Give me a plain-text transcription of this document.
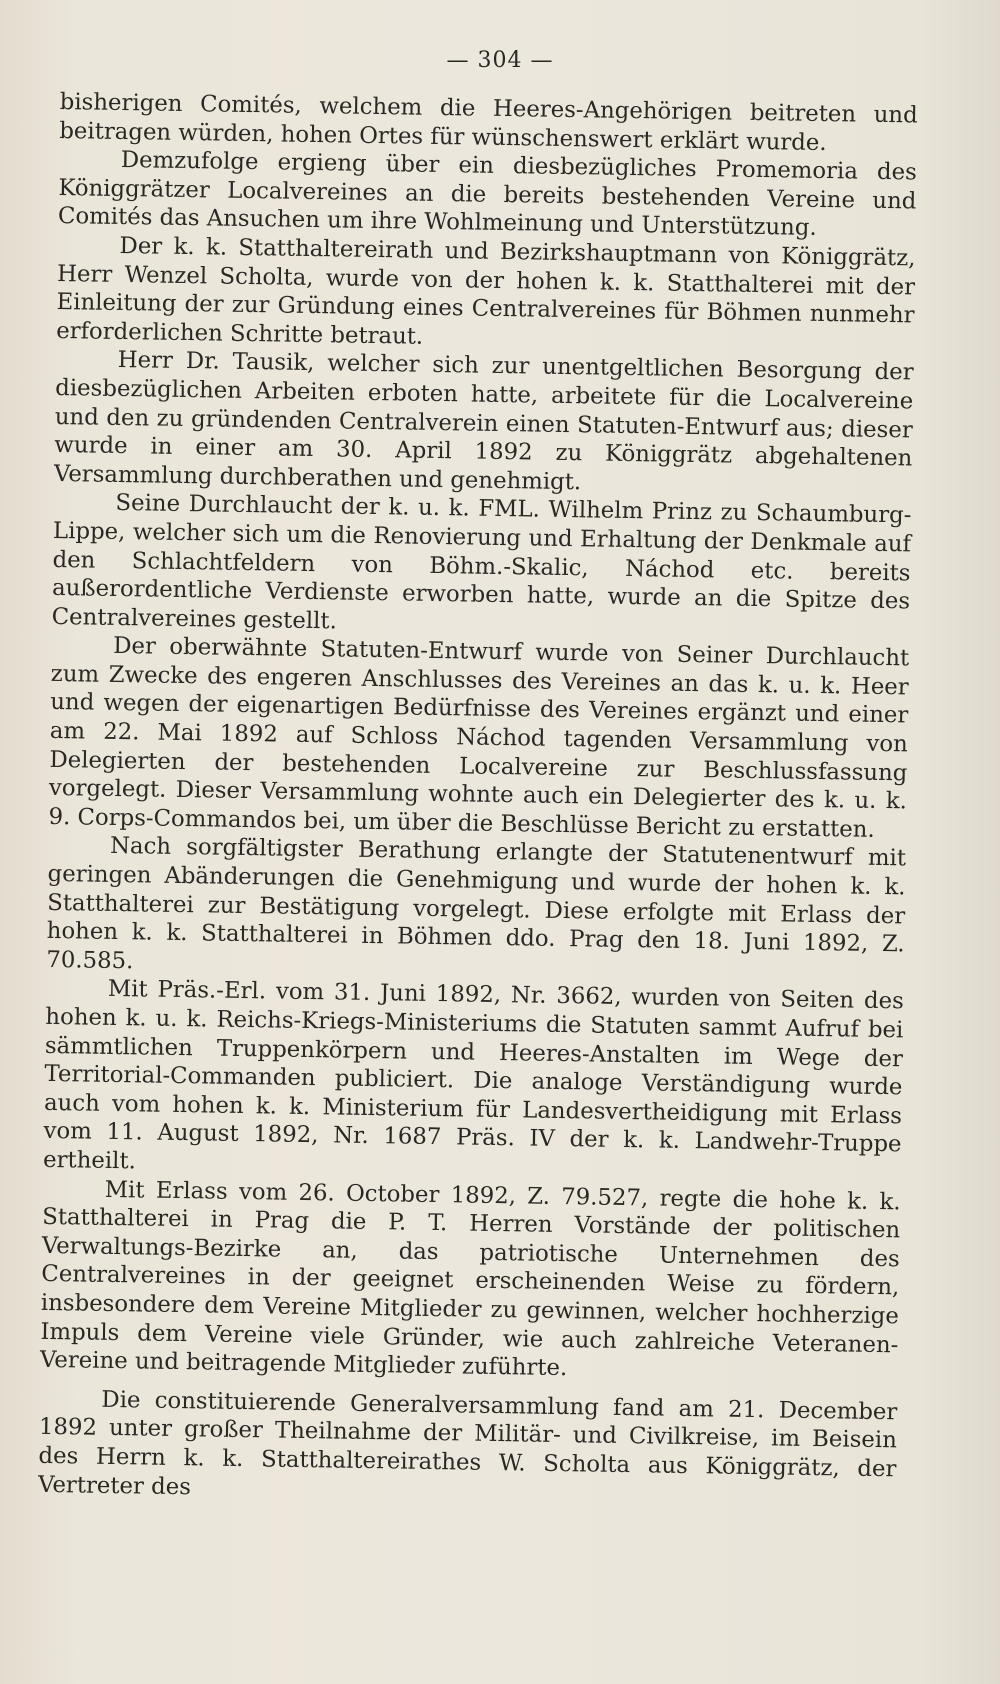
— 304 —

bisherigen Comités, welchem die Heeres-Angehörigen beitreten und beitragen würden, hohen Ortes für wünschenswert erklärt wurde.

Demzufolge ergieng über ein diesbezügliches Promemoria des Königgrätzer Localvereines an die bereits bestehenden Vereine und Comités das Ansuchen um ihre Wohlmeinung und Unterstützung.

Der k. k. Statthaltereirath und Bezirkshauptmann von Königgrätz, Herr Wenzel Scholta, wurde von der hohen k. k. Statthalterei mit der Einleitung der zur Gründung eines Centralvereines für Böhmen nunmehr erforderlichen Schritte betraut.

Herr Dr. Tausik, welcher sich zur unentgeltlichen Besorgung der diesbezüglichen Arbeiten erboten hatte, arbeitete für die Localvereine und den zu gründenden Centralverein einen Statuten-Entwurf aus; dieser wurde in einer am 30. April 1892 zu Königgrätz abgehaltenen Versammlung durchberathen und genehmigt.

Seine Durchlaucht der k. u. k. FML. Wilhelm Prinz zu Schaumburg-Lippe, welcher sich um die Renovierung und Erhaltung der Denkmale auf den Schlachtfeldern von Böhm.-Skalic, Náchod etc. bereits außerordentliche Verdienste erworben hatte, wurde an die Spitze des Centralvereines gestellt.

Der oberwähnte Statuten-Entwurf wurde von Seiner Durchlaucht zum Zwecke des engeren Anschlusses des Vereines an das k. u. k. Heer und wegen der eigenartigen Bedürfnisse des Vereines ergänzt und einer am 22. Mai 1892 auf Schloss Náchod tagenden Versammlung von Delegierten der bestehenden Localvereine zur Beschlussfassung vorgelegt. Dieser Versammlung wohnte auch ein Delegierter des k. u. k. 9. Corps-Commandos bei, um über die Beschlüsse Bericht zu erstatten.

Nach sorgfältigster Berathung erlangte der Statutenentwurf mit geringen Abänderungen die Genehmigung und wurde der hohen k. k. Statthalterei zur Bestätigung vorgelegt. Diese erfolgte mit Erlass der hohen k. k. Statthalterei in Böhmen ddo. Prag den 18. Juni 1892, Z. 70.585.

Mit Präs.-Erl. vom 31. Juni 1892, Nr. 3662, wurden von Seiten des hohen k. u. k. Reichs-Kriegs-Ministeriums die Statuten sammt Aufruf bei sämmtlichen Truppenkörpern und Heeres-Anstalten im Wege der Territorial-Commanden publiciert. Die analoge Verständigung wurde auch vom hohen k. k. Ministerium für Landesvertheidigung mit Erlass vom 11. August 1892, Nr. 1687 Präs. IV der k. k. Landwehr-Truppe ertheilt.

Mit Erlass vom 26. October 1892, Z. 79.527, regte die hohe k. k. Statthalterei in Prag die P. T. Herren Vorstände der politischen Verwaltungs-Bezirke an, das patriotische Unternehmen des Centralvereines in der geeignet erscheinenden Weise zu fördern, insbesondere dem Vereine Mitglieder zu gewinnen, welcher hochherzige Impuls dem Vereine viele Gründer, wie auch zahlreiche Veteranen-Vereine und beitragende Mitglieder zuführte.

Die constituierende Generalversammlung fand am 21. December 1892 unter großer Theilnahme der Militär- und Civilkreise, im Beisein des Herrn k. k. Statthaltereirathes W. Scholta aus Königgrätz, der Vertreter des
